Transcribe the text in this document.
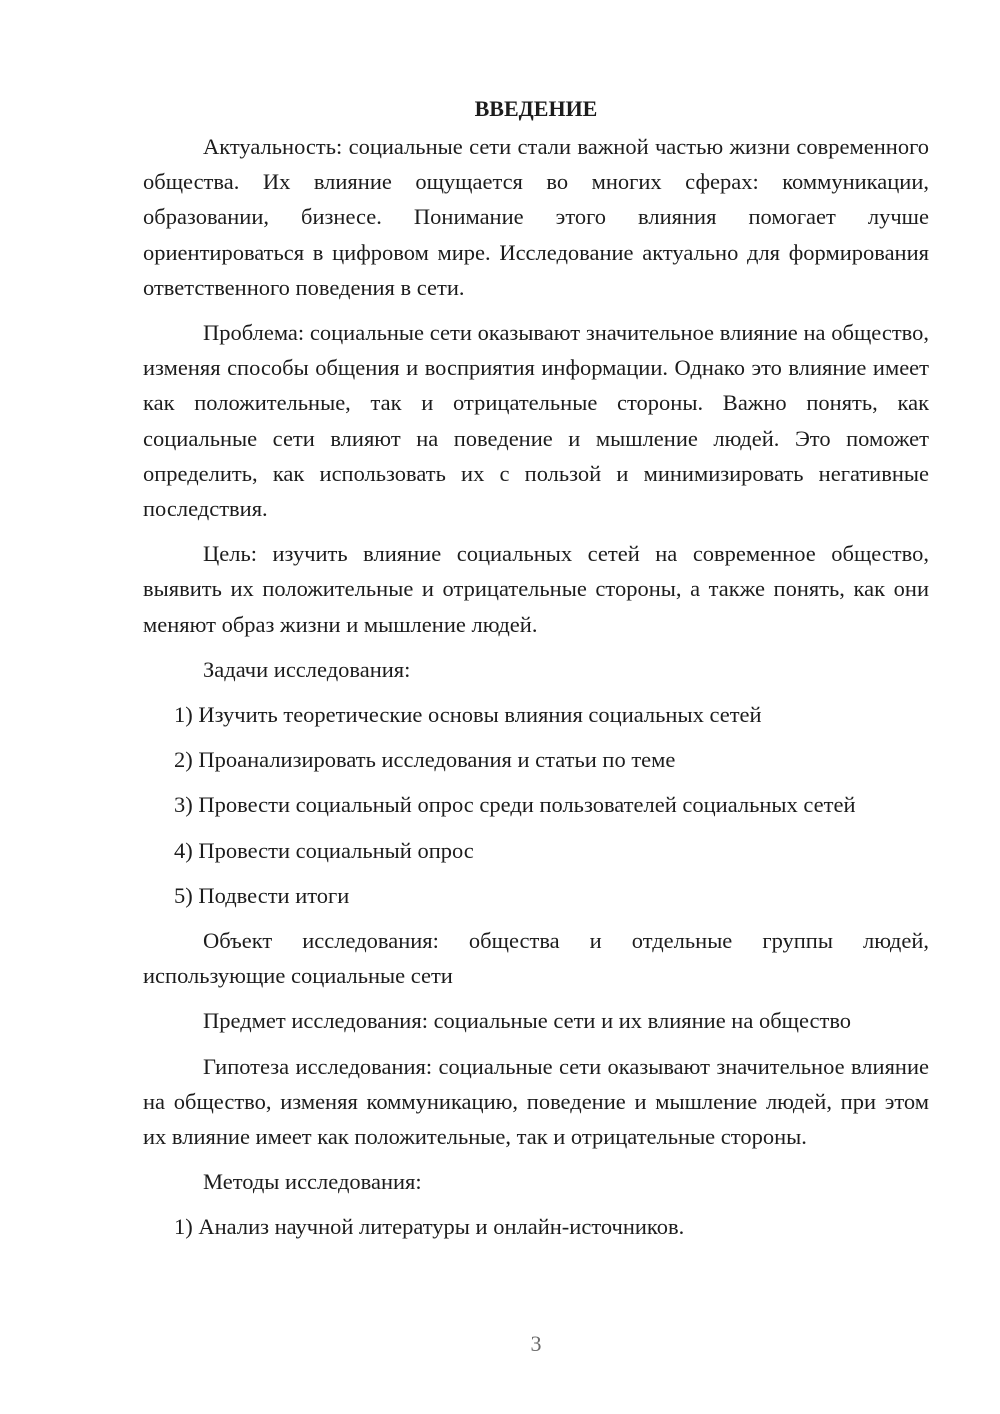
ВВЕДЕНИЕ

Актуальность: социальные сети стали важной частью жизни современного общества. Их влияние ощущается во многих сферах: коммуникации, образовании, бизнесе. Понимание этого влияния помогает лучше ориентироваться в цифровом мире. Исследование актуально для формирования ответственного поведения в сети.

Проблема: социальные сети оказывают значительное влияние на общество, изменяя способы общения и восприятия информации. Однако это влияние имеет как положительные, так и отрицательные стороны. Важно понять, как социальные сети влияют на поведение и мышление людей. Это поможет определить, как использовать их с пользой и минимизировать негативные последствия.

Цель: изучить влияние социальных сетей на современное общество, выявить их положительные и отрицательные стороны, а также понять, как они меняют образ жизни и мышление людей.

Задачи исследования:

1) Изучить теоретические основы влияния социальных сетей
2) Проанализировать исследования и статьи по теме
3) Провести социальный опрос среди пользователей социальных сетей
4) Провести социальный опрос
5) Подвести итоги

Объект исследования: общества и отдельные группы людей, использующие социальные сети

Предмет исследования: социальные сети и их влияние на общество

Гипотеза исследования: социальные сети оказывают значительное влияние на общество, изменяя коммуникацию, поведение и мышление людей, при этом их влияние имеет как положительные, так и отрицательные стороны.

Методы исследования:

1) Анализ научной литературы и онлайн-источников.
3
